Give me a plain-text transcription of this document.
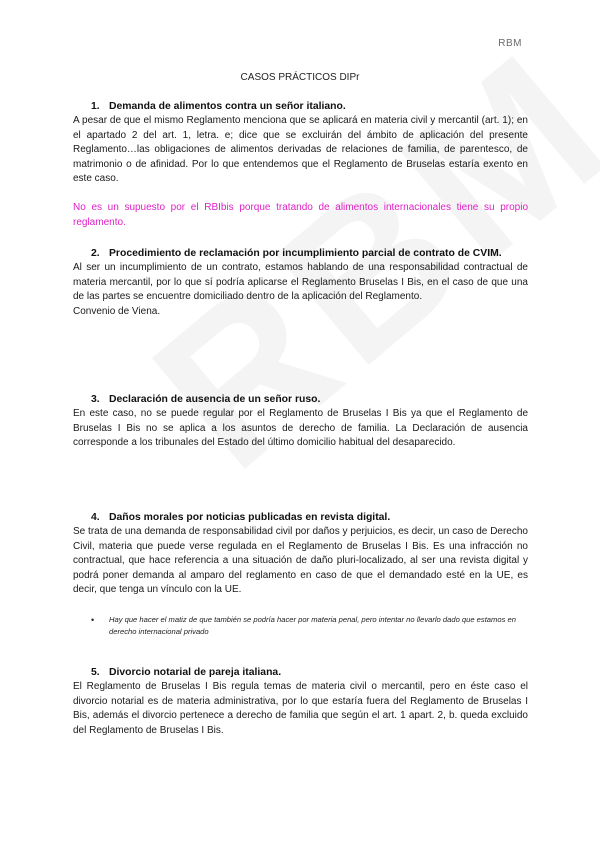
RBM
CASOS PRÁCTICOS DIPr
1. Demanda de alimentos contra un señor italiano.
A pesar de que el mismo Reglamento menciona que se aplicará en materia civil y mercantil (art. 1); en el apartado 2 del art. 1, letra. e; dice que se excluirán del ámbito de aplicación del presente Reglamento…las obligaciones de alimentos derivadas de relaciones de familia, de parentesco, de matrimonio o de afinidad. Por lo que entendemos que el Reglamento de Bruselas estaría exento en este caso.
No es un supuesto por el RBIbis porque tratando de alimentos internacionales tiene su propio reglamento.
2. Procedimiento de reclamación por incumplimiento parcial de contrato de CVIM.
Al ser un incumplimiento de un contrato, estamos hablando de una responsabilidad contractual de materia mercantil, por lo que sí podría aplicarse el Reglamento Bruselas I Bis, en el caso de que una de las partes se encuentre domiciliado dentro de la aplicación del Reglamento.
Convenio de Viena.
3. Declaración de ausencia de un señor ruso.
En este caso, no se puede regular por el Reglamento de Bruselas I Bis ya que el Reglamento de Bruselas I Bis no se aplica a los asuntos de derecho de familia. La Declaración de ausencia corresponde a los tribunales del Estado del último domicilio habitual del desaparecido.
4. Daños morales por noticias publicadas en revista digital.
Se trata de una demanda de responsabilidad civil por daños y perjuicios, es decir, un caso de Derecho Civil, materia que puede verse regulada en el Reglamento de Bruselas I Bis. Es una infracción no contractual, que hace referencia a una situación de daño pluri-localizado, al ser una revista digital y podrá poner demanda al amparo del reglamento en caso de que el demandado esté en la UE, es decir, que tenga un vínculo con la UE.
•	Hay que hacer el matiz de que también se podría hacer por materia penal, pero intentar no llevarlo dado que estamos en derecho internacional privado
5. Divorcio notarial de pareja italiana.
El Reglamento de Bruselas I Bis regula temas de materia civil o mercantil, pero en éste caso el divorcio notarial es de materia administrativa, por lo que estaría fuera del Reglamento de Bruselas I Bis, además el divorcio pertenece a derecho de familia que según el art. 1 apart. 2, b. queda excluido del Reglamento de Bruselas I Bis.
